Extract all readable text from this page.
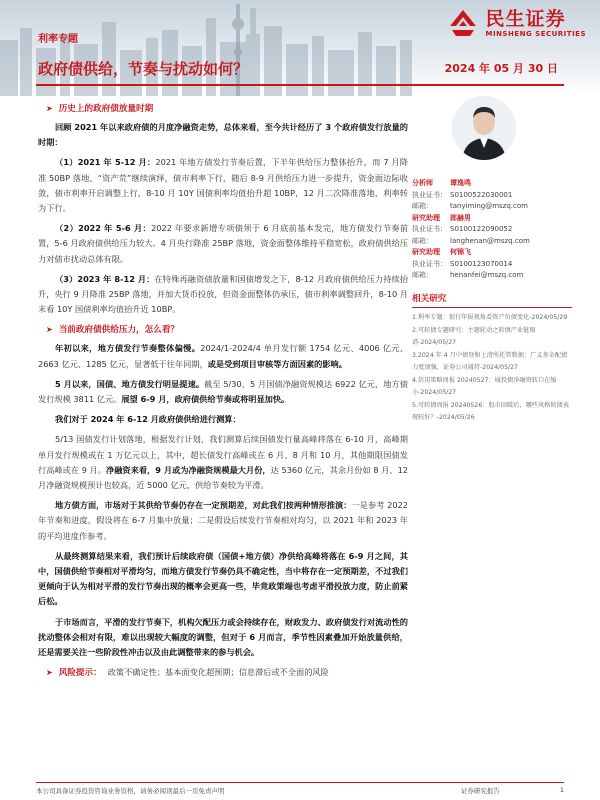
民生证券
MINSHENG SECURITIES
利率专题
政府债供给，节奏与扰动如何？	2024 年 05 月 30 日
➤ 历史上的政府债放量时期

回顾 2021 年以来政府债的月度净融资走势，总体来看，至今共计经历了 3 个政府债发行放量的时期：

（1）2021 年 5-12 月：2021 年地方债发行节奏后置，下半年供给压力整体抬升，而 7 月降准 50BP 落地、“资产荒”继续演绎，债市利率下行，随后 8-9 月供给压力进一步提升，资金面边际收敛，债市利率开启调整上行，8-10 月 10Y 国债利率均值抬升超 10BP，12 月二次降准落地，利率转为下行。

（2）2022 年 5-6 月：2022 年要求新增专项债须于 6 月底前基本发完，地方债发行节奏前置，5-6 月政府债供给压力较大。4 月央行降准 25BP 落地，资金面整体维持平稳宽松，政府债供给压力对债市扰动总体有限。

（3）2023 年 8-12 月：在特殊再融资债放量和国债增发之下，8-12 月政府债供给压力持续抬升，央行 9 月降准 25BP 落地，并加大货币投放，但资金面整体仍承压，债市利率调整回升，8-10 月末看 10Y 国债利率均值抬升近 10BP。

➤ 当前政府债供给压力，怎么看？

年初以来，地方债发行节奏整体偏慢。2024/1-2024/4 单月发行额 1754 亿元、4006 亿元、2663 亿元、1285 亿元，显著低于往年同期，或是受到项目审核等方面因素的影响。

5 月以来，国债、地方债发行明显提速。截至 5/30，5 月国债净融资规模达 6922 亿元，地方债发行规模 3811 亿元。展望 6-9 月，政府债供给节奏或将明显加快。

我们对于 2024 年 6-12 月政府债供给进行测算：

5/13 国债发行计划落地，根据发行计划，我们测算后续国债发行量高峰将落在 6-10 月，高峰期单月发行规模或在 1 万亿元以上，其中，超长债发行高峰或在 6 月、8 月和 10 月，其他期限国债发行高峰或在 9 月。净融资来看，9 月或为净融资规模最大月份，达 5360 亿元，其余月份如 8 月、12 月净融资规模预计也较高，近 5000 亿元，供给节奏较为平滑。

地方债方面，市场对于其供给节奏仍存在一定预期差，对此我们按两种情形推演：一是参考 2022 年节奏和进度，假设将在 6-7 月集中放量；二是假设后续发行节奏相对均匀，以 2021 年和 2023 年的平均进度作参考。

从最终测算结果来看，我们预计后续政府债（国债+地方债）净供给高峰将落在 6-9 月之间，其中，国债供给节奏相对平滑均匀，而地方债发行节奏仍具不确定性，当中将存在一定预期差，不过我们更倾向于认为相对平滑的发行节奏出现的概率会更高一些，毕竟政策端也考虑平滑投放力度，防止前紧后松。

于市场而言，平滑的发行节奏下，机构欠配压力或会持续存在，财政发力、政府债发行对流动性的扰动整体会相对有限，难以出现较大幅度的调整，但对于 6 月而言，季节性因素叠加开始放量供给，还是需要关注一些阶段性冲击以及由此调整带来的参与机会。

➤ 风险提示： 政策不确定性；基本面变化超预期；信息滞后或不全面的风险
分析师	谭逸鸣
执业证书： S0100522030001
邮箱：	tanyiming@mszq.com
研究助理	郎赫男
执业证书： S0100122090052
邮箱：	langhenan@mszq.com
研究助理	何锦飞
执业证书： S0100123070014
邮箱：	henanfei@mszq.com
相关研究
1.利率专题：银行年报视角看资产负债变化-2024/05/29
2.可转债专题研究：主题轮动之转债产业链图谱-2024/05/27
3.2024 年 4 月中债登和上清所托管数据：广义基金配债力度加强，证券公司减持-2024/05/27
4.信用策略周报 20240527：城投债净融资转口在缩小-2024/05/27
5.可转债周报 20240526：股市回暖后，哪些风格转债表现较好？-2024/05/26
本公司具备证券投资咨询业务资格，请务必阅读最后一页免责声明	证券研究报告	1
